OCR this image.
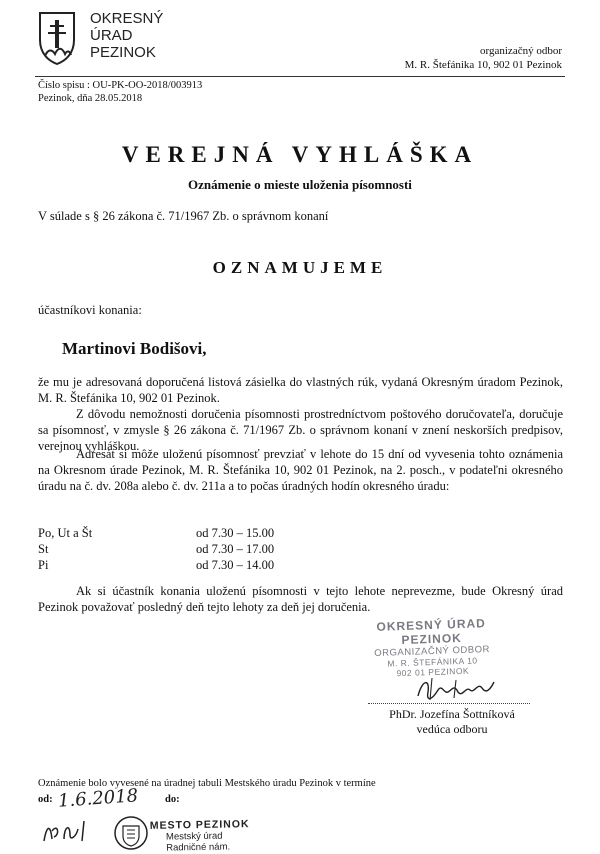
OKRESNÝ
ÚRAD
PEZINOK	organizačný odbor
M. R. Štefánika 10, 902 01 Pezinok
Číslo spisu : OU-PK-OO-2018/003913
Pezinok, dňa 28.05.2018
VEREJNÁ VYHLÁŠKA
Oznámenie o mieste uloženia písomnosti
V súlade s § 26 zákona č. 71/1967 Zb. o správnom konaní
OZNAMUJEME
účastníkovi konania:
Martinovi Bodišovi,
že mu je adresovaná doporučená listová zásielka do vlastných rúk, vydaná Okresným úradom Pezinok, M. R. Štefánika 10, 902 01 Pezinok.
Z dôvodu nemožnosti doručenia písomnosti prostredníctvom poštového doručovateľa, doručuje sa písomnosť, v zmysle § 26 zákona č. 71/1967 Zb. o správnom konaní v znení neskorších predpisov, verejnou vyhláškou.
Adresát si môže uloženú písomnosť prevziať v lehote do 15 dní od vyvesenia tohto oznámenia na Okresnom úrade Pezinok, M. R. Štefánika 10, 902 01 Pezinok, na 2. posch., v podateľni okresného úradu na č. dv. 208a alebo č. dv. 211a a to počas úradných hodín okresného úradu:
Po, Ut a Št	od 7.30 – 15.00
St	od 7.30 – 17.00
Pi	od 7.30 – 14.00
Ak si účastník konania uloženú písomnosti v tejto lehote neprevezme, bude Okresný úrad Pezinok považovať posledný deň tejto lehoty za deň jej doručenia.
OKRESNÝ ÚRAD PEZINOK
ORGANIZAČNÝ ODBOR
M. R. ŠTEFÁNIKA 10
902 01 PEZINOK
PhDr. Jozefína Šottníková
vedúca odboru
Oznámenie bolo vyvesené na úradnej tabuli Mestského úradu Pezinok v termíne
od: 1.6.2018 do:
MESTO PEZINOK
Mestský úrad
Radničné nám.
